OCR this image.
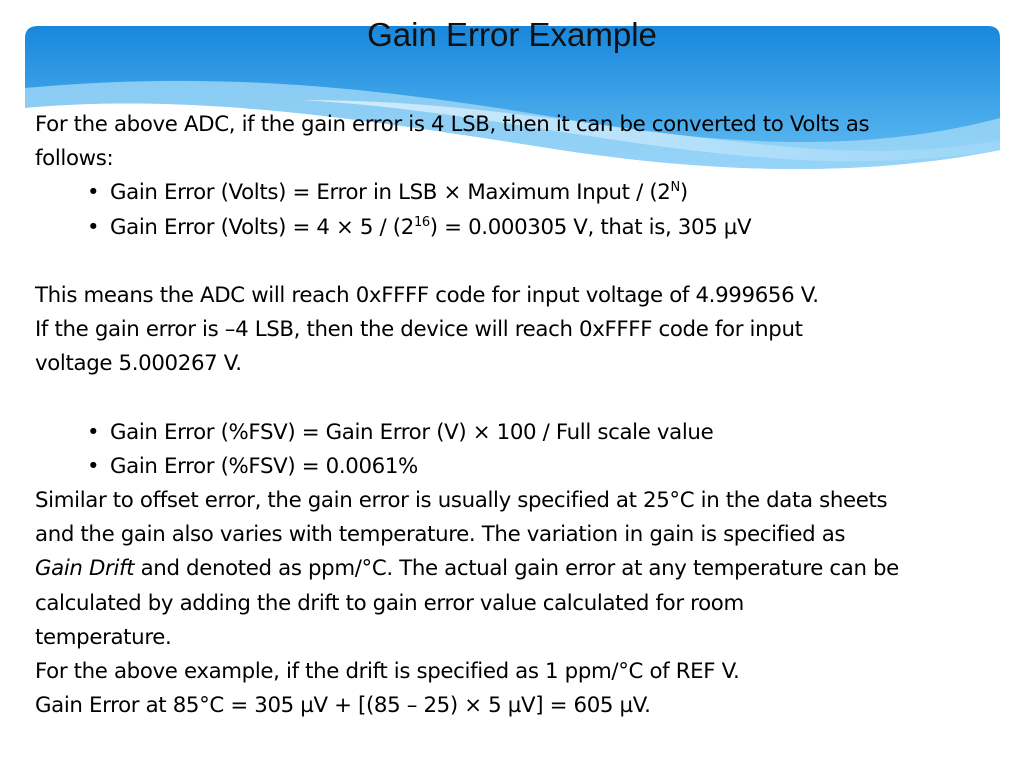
Gain Error Example
For the above ADC, if the gain error is 4 LSB, then it can be converted to Volts as
follows:
• Gain Error (Volts) = Error in LSB × Maximum Input / $(2^N)$
• Gain Error (Volts) = $4 \times 5 / (2^{16}) = 0.000305$ V, that is, 305 µV
This means the ADC will reach 0xFFFF code for input voltage of 4.999656 V.
If the gain error is –4 LSB, then the device will reach 0xFFFF code for input
voltage 5.000267 V.
• Gain Error (%FSV) = Gain Error (V) × 100 / Full scale value
• Gain Error (%FSV) = 0.0061%
Similar to offset error, the gain error is usually specified at 25°C in the data sheets
and the gain also varies with temperature. The variation in gain is specified as
Gain Drift and denoted as ppm/°C. The actual gain error at any temperature can be
calculated by adding the drift to gain error value calculated for room
temperature.
For the above example, if the drift is specified as 1 ppm/°C of REF V.
Gain Error at 85°C = 305 µV + [(85 – 25) × 5 µV] = 605 µV.
